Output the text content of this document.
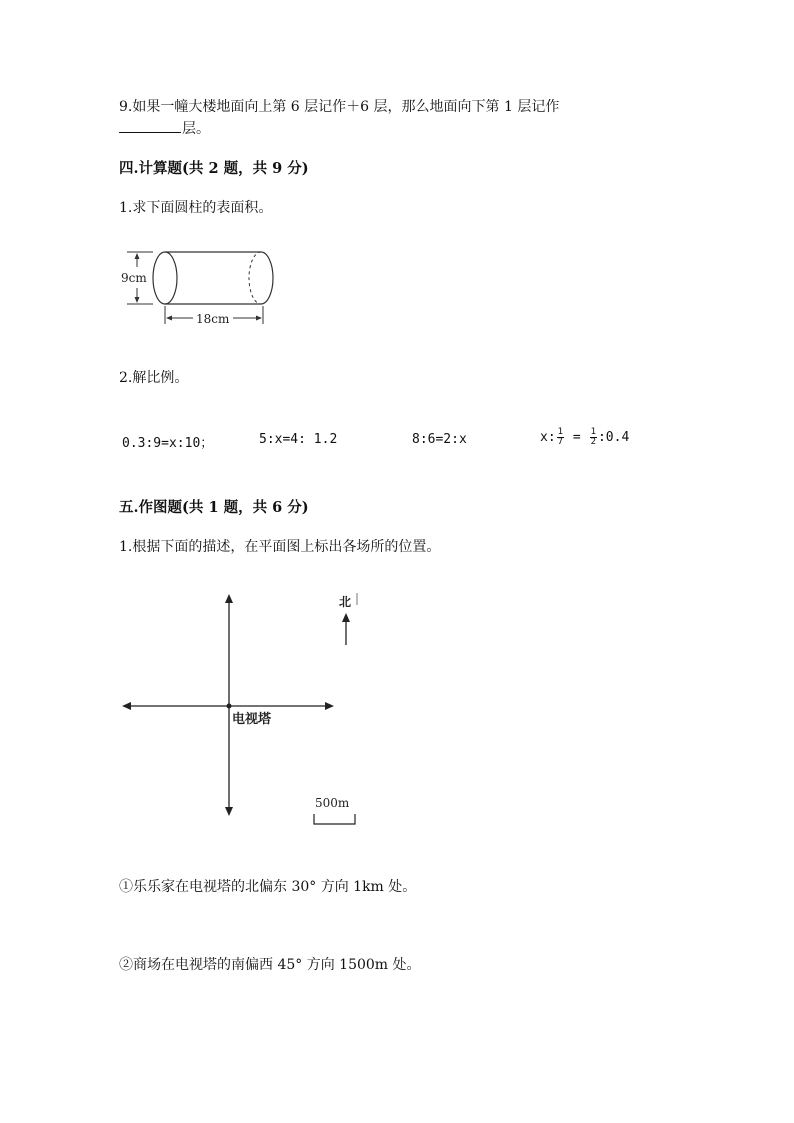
9.如果一幢大楼地面向上第 6 层记作＋6 层，那么地面向下第 1 层记作
层。
四.计算题(共 2 题，共 9 分)
1.求下面圆柱的表面积。
9cm
18cm
2.解比例。
0.3:9=x:10；	5:x=4: 1.2	8:6=2:x	x: $\frac{1}{7} = \frac{1}{2}$ :0.4
五.作图题(共 1 题，共 6 分)
1.根据下面的描述，在平面图上标出各场所的位置。
电视塔
北
500m
①乐乐家在电视塔的北偏东 30° 方向 1km 处。
②商场在电视塔的南偏西 45° 方向 1500m 处。
